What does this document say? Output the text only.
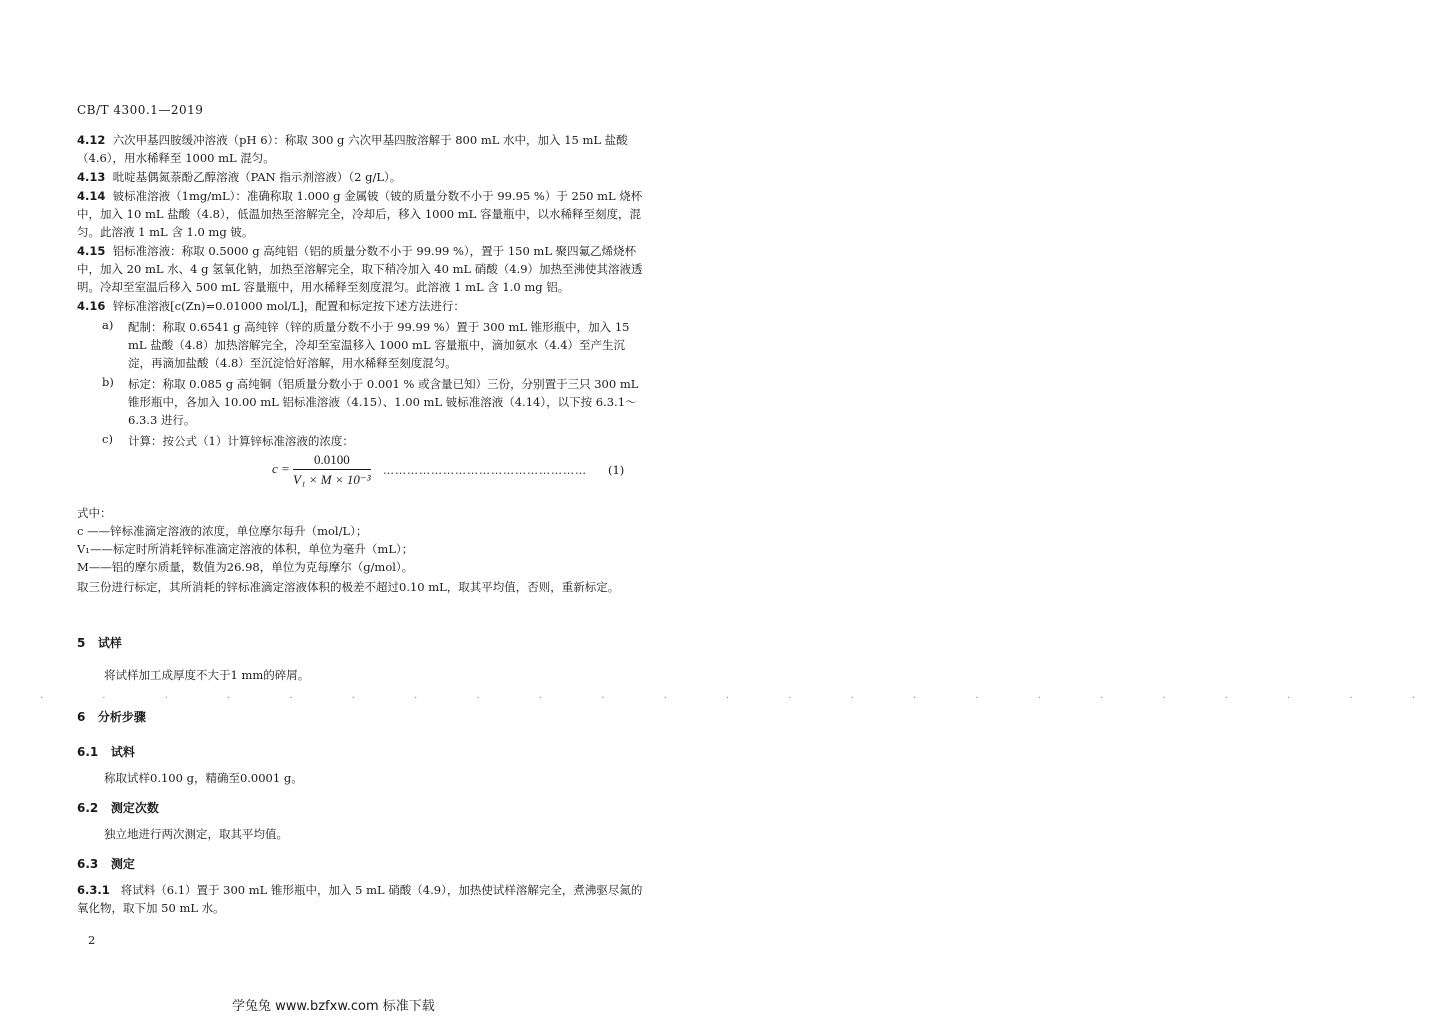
CB/T 4300.1—2019
4.12 六次甲基四胺缓冲溶液（pH 6）：称取 300 g 六次甲基四胺溶解于 800 mL 水中，加入 15 mL 盐酸（4.6），用水稀释至 1000 mL 混匀。
4.13 吡啶基偶氮萘酚乙醇溶液（PAN 指示剂溶液）（2 g/L）。
4.14 铍标准溶液（1mg/mL）：准确称取 1.000 g 金属铍（铍的质量分数不小于 99.95 %）于 250 mL 烧杯中，加入 10 mL 盐酸（4.8），低温加热至溶解完全，冷却后，移入 1000 mL 容量瓶中，以水稀释至刻度，混匀。此溶液 1 mL 含 1.0 mg 铍。
4.15 铝标准溶液：称取 0.5000 g 高纯铝（铝的质量分数不小于 99.99 %），置于 150 mL 聚四氟乙烯烧杯中，加入 20 mL 水、4 g 氢氧化钠，加热至溶解完全，取下稍冷加入 40 mL 硝酸（4.9）加热至沸使其溶液透明。冷却至室温后移入 500 mL 容量瓶中，用水稀释至刻度混匀。此溶液 1 mL 含 1.0 mg 铝。
4.16 锌标准溶液[c(Zn)=0.01000 mol/L]，配置和标定按下述方法进行：
a) 配制：称取 0.6541 g 高纯锌（锌的质量分数不小于 99.99 %）置于 300 mL 锥形瓶中，加入 15 mL 盐酸（4.8）加热溶解完全，冷却至室温移入 1000 mL 容量瓶中，滴加氨水（4.4）至产生沉淀，再滴加盐酸（4.8）至沉淀恰好溶解，用水稀释至刻度混匀。
b) 标定：称取 0.085 g 高纯铜（铝质量分数小于 0.001 % 或含量已知）三份，分别置于三只 300 mL 锥形瓶中，各加入 10.00 mL 铝标准溶液（4.15）、1.00 mL 铍标准溶液（4.14），以下按 6.3.1～6.3.3 进行。
c) 计算：按公式（1）计算锌标准溶液的浓度：
$c = \frac{0.0100}{\text{V₁ × M × 10⁻³}}$ ……………………………………………	(1)
式中：
c ——锌标准滴定溶液的浓度，单位摩尔每升（mol/L）；
V₁——标定时所消耗锌标准滴定溶液的体积，单位为毫升（mL）；
M——铝的摩尔质量，数值为26.98，单位为克每摩尔（g/mol）。
取三份进行标定，其所消耗的锌标准滴定溶液体积的极差不超过0.10 mL，取其平均值，否则，重新标定。
5 试样
将试样加工成厚度不大于1 mm的碎屑。
· · · · · · · · · · · · · · · · · · · · · · ·
6 分析步骤
6.1 试料
称取试样0.100 g，精确至0.0001 g。
6.2 测定次数
独立地进行两次测定，取其平均值。
6.3 测定
6.3.1 将试料（6.1）置于 300 mL 锥形瓶中，加入 5 mL 硝酸（4.9），加热使试样溶解完全，煮沸驱尽氮的氧化物，取下加 50 mL 水。
2
学兔兔 www.bzfxw.com 标准下载
